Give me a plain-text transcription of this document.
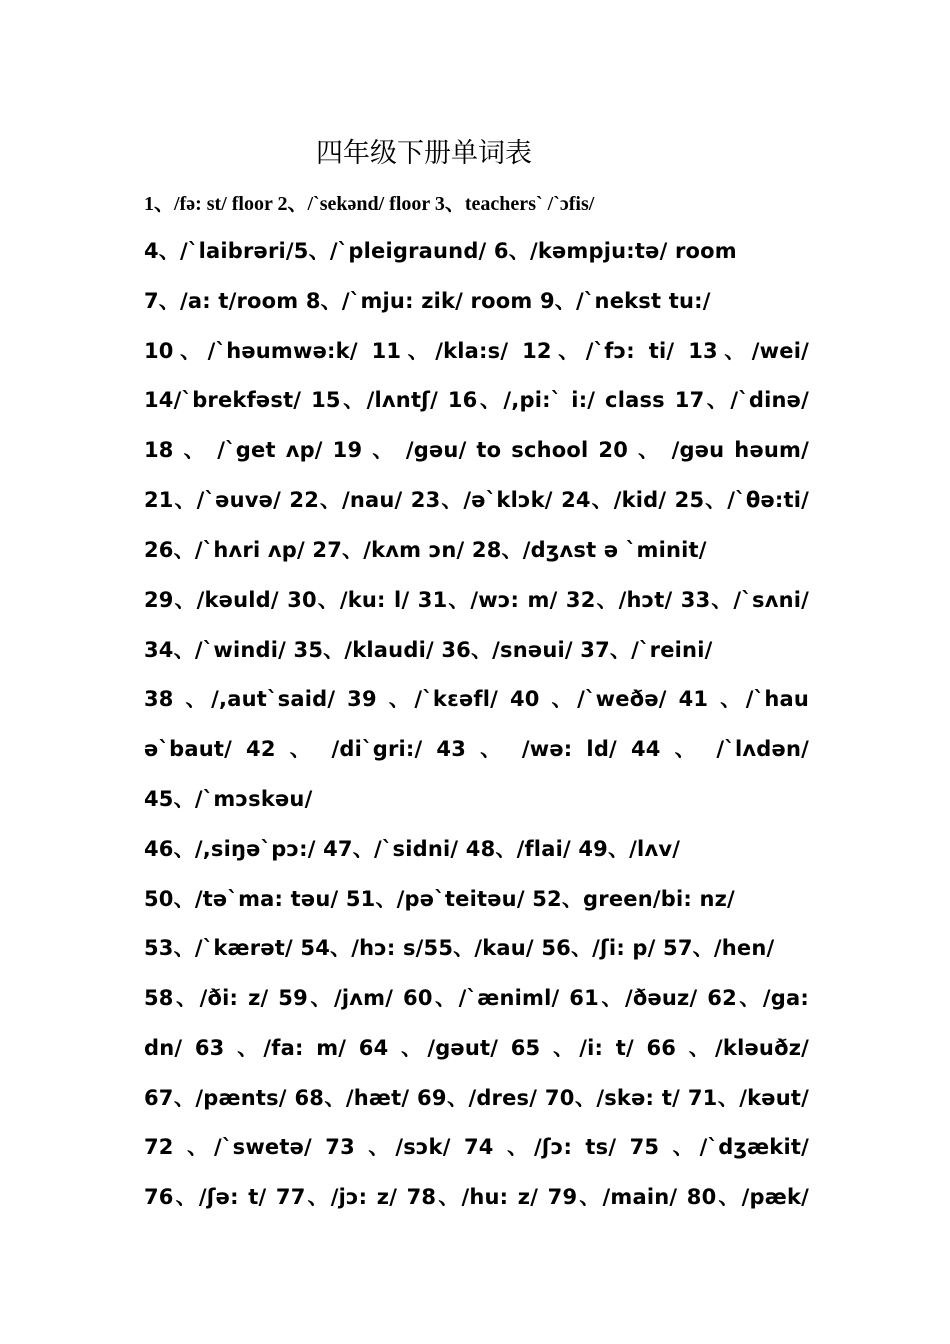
四年级下册单词表
1、/fə: st/ floor 2、/`sekənd/ floor 3、teachers` /`ɔfis/
4、/`laibrəri/5、/`pleigraund/ 6、/kəmpju:tə/ room
7、/a: t/room 8、/`mju: zik/ room 9、/`nekst tu:/
10、/`həumwə:k/ 11、/kla:s/ 12、/`fɔ: ti/ 13、/wei/
14/`brekfəst/ 15、/lʌntʃ/ 16、/,pi:` i:/ class 17、/`dinə/
18 、 /`get ʌp/ 19 、 /gəu/ to school 20 、 /gəu həum/
21、/`əuvə/ 22、/nau/ 23、/ə`klɔk/ 24、/kid/ 25、/`θə:ti/
26、/`hʌri ʌp/ 27、/kʌm ɔn/ 28、/dʒʌst ə `minit/
29、/kəuld/ 30、/ku: l/ 31、/wɔ: m/ 32、/hɔt/ 33、/`sʌni/
34、/`windi/ 35、/klaudi/ 36、/snəui/ 37、/`reini/
38 、/,aut`said/ 39 、/`kɛəfl/ 40 、/`weðə/ 41 、/`hau
ə`baut/ 42 、 /di`gri:/ 43 、 /wə: ld/ 44 、 /`lʌdən/
45、/`mɔskəu/
46、/,siŋə`pɔ:/ 47、/`sidni/ 48、/flai/ 49、/lʌv/
50、/tə`ma: təu/ 51、/pə`teitəu/ 52、green/bi: nz/
53、/`kærət/ 54、/hɔ: s/55、/kau/ 56、/ʃi: p/ 57、/hen/
58、/ði: z/ 59、/jʌm/ 60、/`æniml/ 61、/ðəuz/ 62、/ga:
dn/ 63 、/fa: m/ 64 、/gəut/ 65 、/i: t/ 66 、/kləuðz/
67、/pænts/ 68、/hæt/ 69、/dres/ 70、/skə: t/ 71、/kəut/
72 、/`swetə/ 73 、/sɔk/ 74 、/ʃɔ: ts/ 75 、/`dʒækit/
76、/ʃə: t/ 77、/jɔ: z/ 78、/hu: z/ 79、/main/ 80、/pæk/
